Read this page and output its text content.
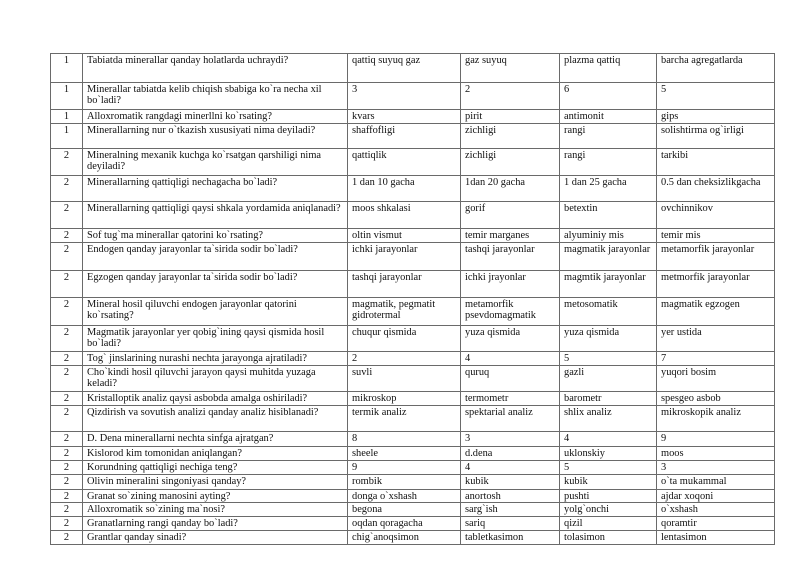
1	Tabiatda minerallar qanday holatlarda uchraydi?	qattiq suyuq gaz	gaz suyuq	plazma qattiq	barcha agregatlarda
1	Minerallar tabiatda kelib chiqish sbabiga ko`ra necha xil bo`ladi?	3	2	6	5
1	Alloxromatik rangdagi minerllni ko`rsating?	kvars	pirit	antimonit	gips
1	Minerallarning nur o`tkazish xususiyati nima deyiladi?	shaffofligi	zichligi	rangi	solishtirma og`irligi
2	Mineralning mexanik kuchga ko`rsatgan qarshiligi nima deyiladi?	qattiqlik	zichligi	rangi	tarkibi
2	Minerallarning qattiqligi nechagacha bo`ladi?	1 dan 10 gacha	1dan 20 gacha	1 dan 25 gacha	0.5 dan cheksizlikgacha
2	Minerallarning qattiqligi qaysi shkala yordamida aniqlanadi?	moos shkalasi	gorif	betextin	ovchinnikov
2	Sof tug`ma minerallar qatorini ko`rsating?	oltin vismut	temir marganes	alyuminiy mis	temir mis
2	Endogen qanday jarayonlar ta`sirida sodir bo`ladi?	ichki jarayonlar	tashqi jarayonlar	magmatik jarayonlar	metamorfik jarayonlar
2	Egzogen qanday jarayonlar ta`sirida sodir bo`ladi?	tashqi jarayonlar	ichki jrayonlar	magmtik jarayonlar	metmorfik jarayonlar
2	Mineral hosil qiluvchi endogen jarayonlar qatorini ko`rsating?	magmatik, pegmatit gidrotermal	metamorfik psevdomagmatik	metosomatik	magmatik egzogen
2	Magmatik jarayonlar yer qobig`ining qaysi qismida hosil bo`ladi?	chuqur qismida	yuza qismida	yuza qismida	yer ustida
2	Tog` jinslarining nurashi nechta jarayonga ajratiladi?	2	4	5	7
2	Cho`kindi hosil qiluvchi jarayon qaysi muhitda yuzaga keladi?	suvli	quruq	gazli	yuqori bosim
2	Kristalloptik analiz qaysi asbobda amalga oshiriladi?	mikroskop	termometr	barometr	spesgeo asbob
2	Qizdirish va sovutish analizi qanday analiz hisiblanadi?	termik analiz	spektarial analiz	shlix analiz	mikroskopik analiz
2	D. Dena minerallarni nechta sinfga ajratgan?	8	3	4	9
2	Kislorod kim tomonidan aniqlangan?	sheele	d.dena	uklonskiy	moos
2	Korundning qattiqligi nechiga teng?	9	4	5	3
2	Olivin mineralini singoniyasi qanday?	rombik	kubik	kubik	o`ta mukammal
2	Granat so`zining manosini ayting?	donga o`xshash	anortosh	pushti	ajdar xoqoni
2	Alloxromatik so`zining ma`nosi?	begona	sarg`ish	yolg`onchi	o`xshash
2	Granatlarning rangi qanday bo`ladi?	oqdan qoragacha	sariq	qizil	qoramtir
2	Grantlar qanday sinadi?	chig`anoqsimon	tabletkasimon	tolasimon	lentasimon
